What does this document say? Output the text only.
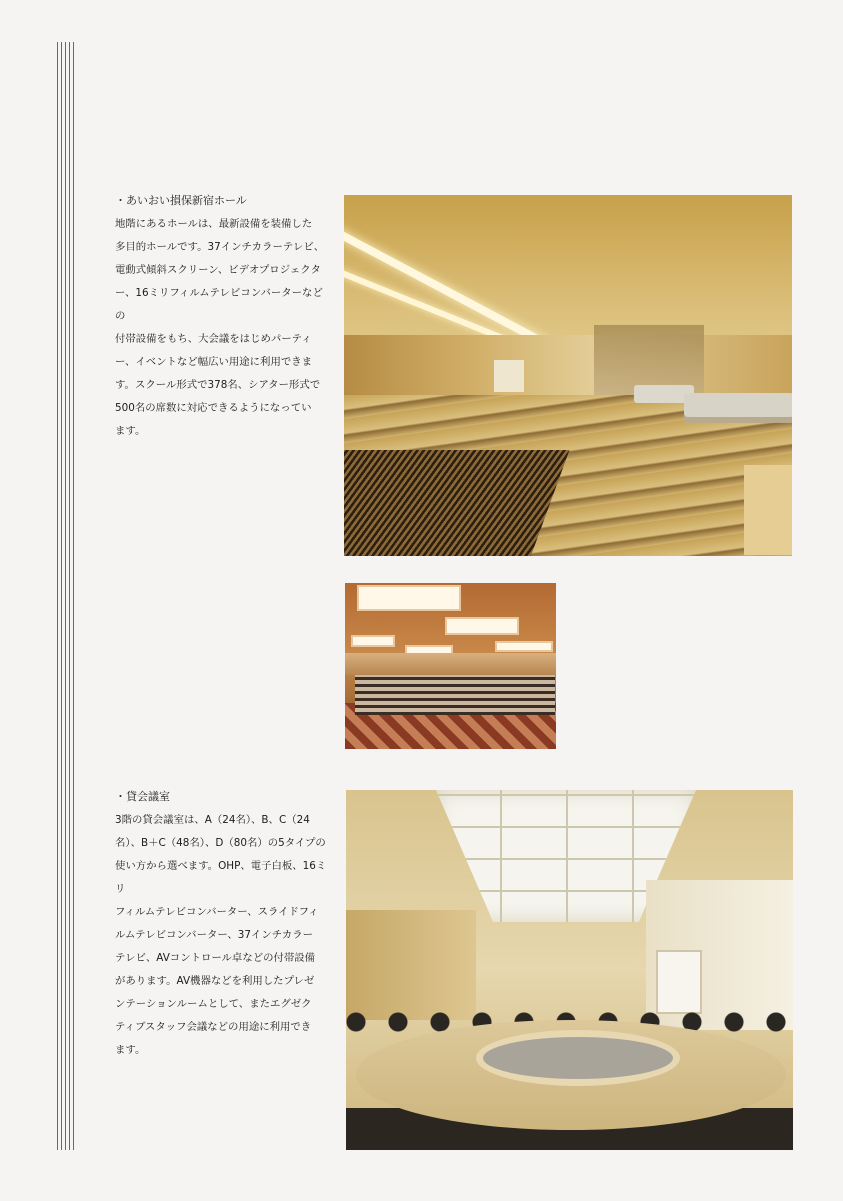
・あいおい損保新宿ホール

地階にあるホールは、最新設備を装備した
多目的ホールです。37インチカラーテレビ、
電動式傾斜スクリーン、ビデオプロジェクタ
ー、16ミリフィルムテレビコンバーターなどの
付帯設備をもち、大会議をはじめパーティ
ー、イベントなど幅広い用途に利用できま
す。スクール形式で378名、シアター形式で
500名の席数に対応できるようになってい
ます。

・貸会議室

3階の貸会議室は、A（24名）、B、C（24
名）、B＋C（48名）、D（80名）の5タイプの
使い方から選べます。OHP、電子白板、16ミリ
フィルムテレビコンバーター、スライドフィ
ルムテレビコンバーター、37インチカラー
テレビ、AVコントロール卓などの付帯設備
があります。AV機器などを利用したプレゼ
ンテーションルームとして、またエグゼク
ティブスタッフ会議などの用途に利用でき
ます。
